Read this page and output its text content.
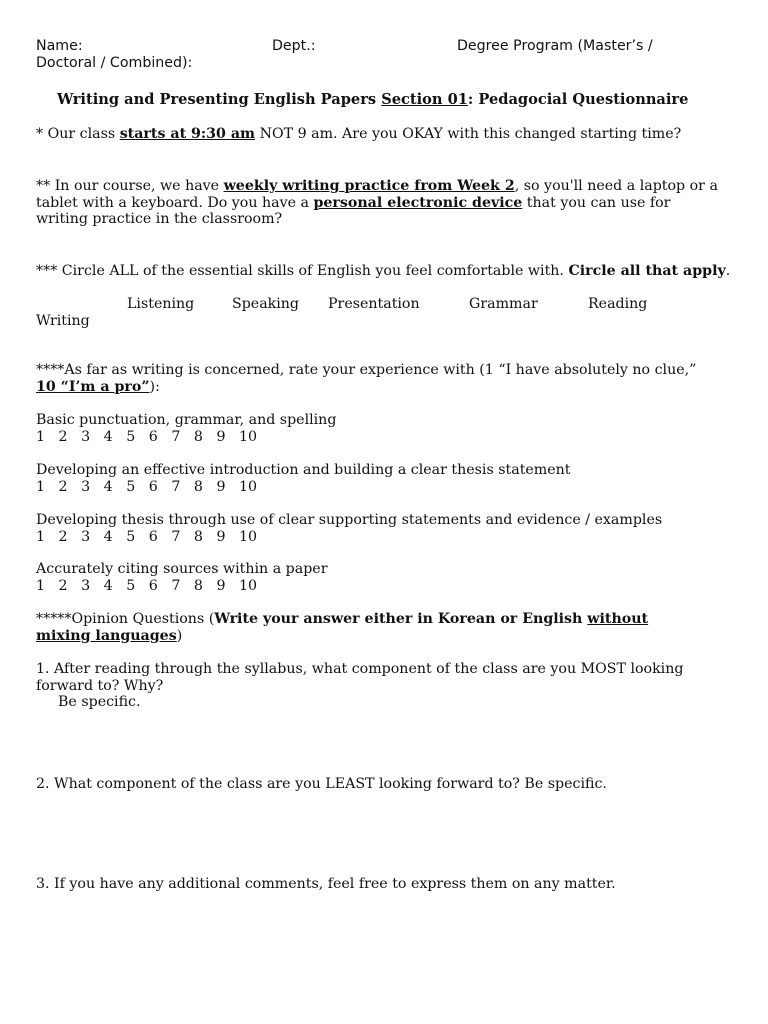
Name:	Dept.:	Degree Program (Master’s /
Doctoral / Combined):
Writing and Presenting English Papers Section 01: Pedagocial Questionnaire
* Our class starts at 9:30 am NOT 9 am. Are you OKAY with this changed starting time?
** In our course, we have weekly writing practice from Week 2, so you'll need a laptop or a tablet with a keyboard. Do you have a personal electronic device that you can use for writing practice in the classroom?
*** Circle ALL of the essential skills of English you feel comfortable with. Circle all that apply.
Listening	Speaking Presentation	Grammar	Reading
Writing
****As far as writing is concerned, rate your experience with (1 “I have absolutely no clue,” 10 “I’m a pro”):
Basic punctuation, grammar, and spelling
1   2   3   4   5   6   7   8   9   10
Developing an effective introduction and building a clear thesis statement
1   2   3   4   5   6   7   8   9   10
Developing thesis through use of clear supporting statements and evidence / examples
1   2   3   4   5   6   7   8   9   10
Accurately citing sources within a paper
1   2   3   4   5   6   7   8   9   10
*****Opinion Questions (Write your answer either in Korean or English without mixing languages)
1. After reading through the syllabus, what component of the class are you MOST looking forward to? Why?
Be specific.
2. What component of the class are you LEAST looking forward to? Be specific.
3. If you have any additional comments, feel free to express them on any matter.
